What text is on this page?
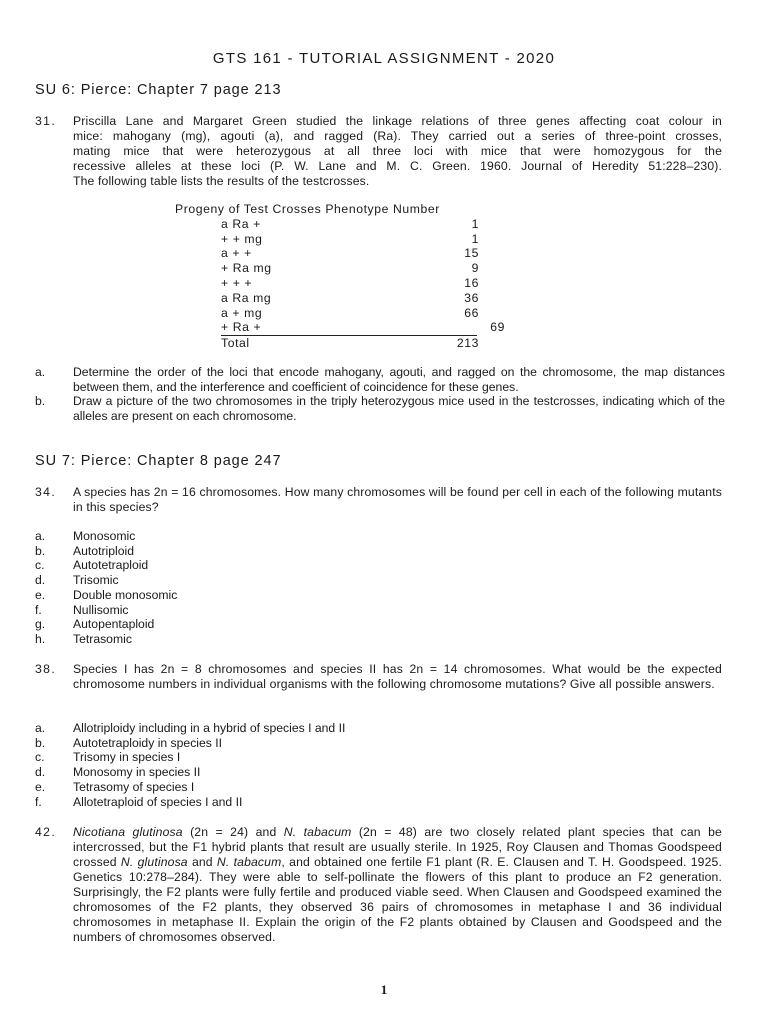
GTS 161 - TUTORIAL ASSIGNMENT - 2020
SU 6: Pierce: Chapter 7 page 213
31. Priscilla Lane and Margaret Green studied the linkage relations of three genes affecting coat colour in
mice: mahogany (mg), agouti (a), and ragged (Ra). They carried out a series of three-point crosses,
mating mice that were heterozygous at all three loci with mice that were homozygous for the
recessive alleles at these loci (P. W. Lane and M. C. Green. 1960. Journal of Heredity 51:228–230).
The following table lists the results of the testcrosses.
Progeny of Test Crosses Phenotype Number
a Ra +	1
+ + mg	1
a + +	15
+ Ra mg	9
+ + +	16
a Ra mg	36
a + mg	66
+ Ra +	69
Total	213
a.	Determine the order of the loci that encode mahogany, agouti, and ragged on the chromosome, the map distances between them, and the interference and coefficient of coincidence for these genes.
b.	Draw a picture of the two chromosomes in the triply heterozygous mice used in the testcrosses, indicating which of the alleles are present on each chromosome.
SU 7: Pierce: Chapter 8 page 247
34. A species has 2n = 16 chromosomes. How many chromosomes will be found per cell in each of the following mutants in this species?
a.	Monosomic
b.	Autotriploid
c.	Autotetraploid
d.	Trisomic
e.	Double monosomic
f.	Nullisomic
g.	Autopentaploid
h.	Tetrasomic
38. Species I has 2n = 8 chromosomes and species II has 2n = 14 chromosomes. What would be the expected chromosome numbers in individual organisms with the following chromosome mutations? Give all possible answers.
a.	Allotriploidy including in a hybrid of species I and II
b.	Autotetraploidy in species II
c.	Trisomy in species I
d.	Monosomy in species II
e.	Tetrasomy of species I
f.	Allotetraploid of species I and II
42. Nicotiana glutinosa (2n = 24) and N. tabacum (2n = 48) are two closely related plant species that can be intercrossed, but the F1 hybrid plants that result are usually sterile. In 1925, Roy Clausen and Thomas Goodspeed crossed N. glutinosa and N. tabacum, and obtained one fertile F1 plant (R. E. Clausen and T. H. Goodspeed. 1925. Genetics 10:278–284). They were able to self-pollinate the flowers of this plant to produce an F2 generation. Surprisingly, the F2 plants were fully fertile and produced viable seed. When Clausen and Goodspeed examined the chromosomes of the F2 plants, they observed 36 pairs of chromosomes in metaphase I and 36 individual chromosomes in metaphase II. Explain the origin of the F2 plants obtained by Clausen and Goodspeed and the numbers of chromosomes observed.
1
